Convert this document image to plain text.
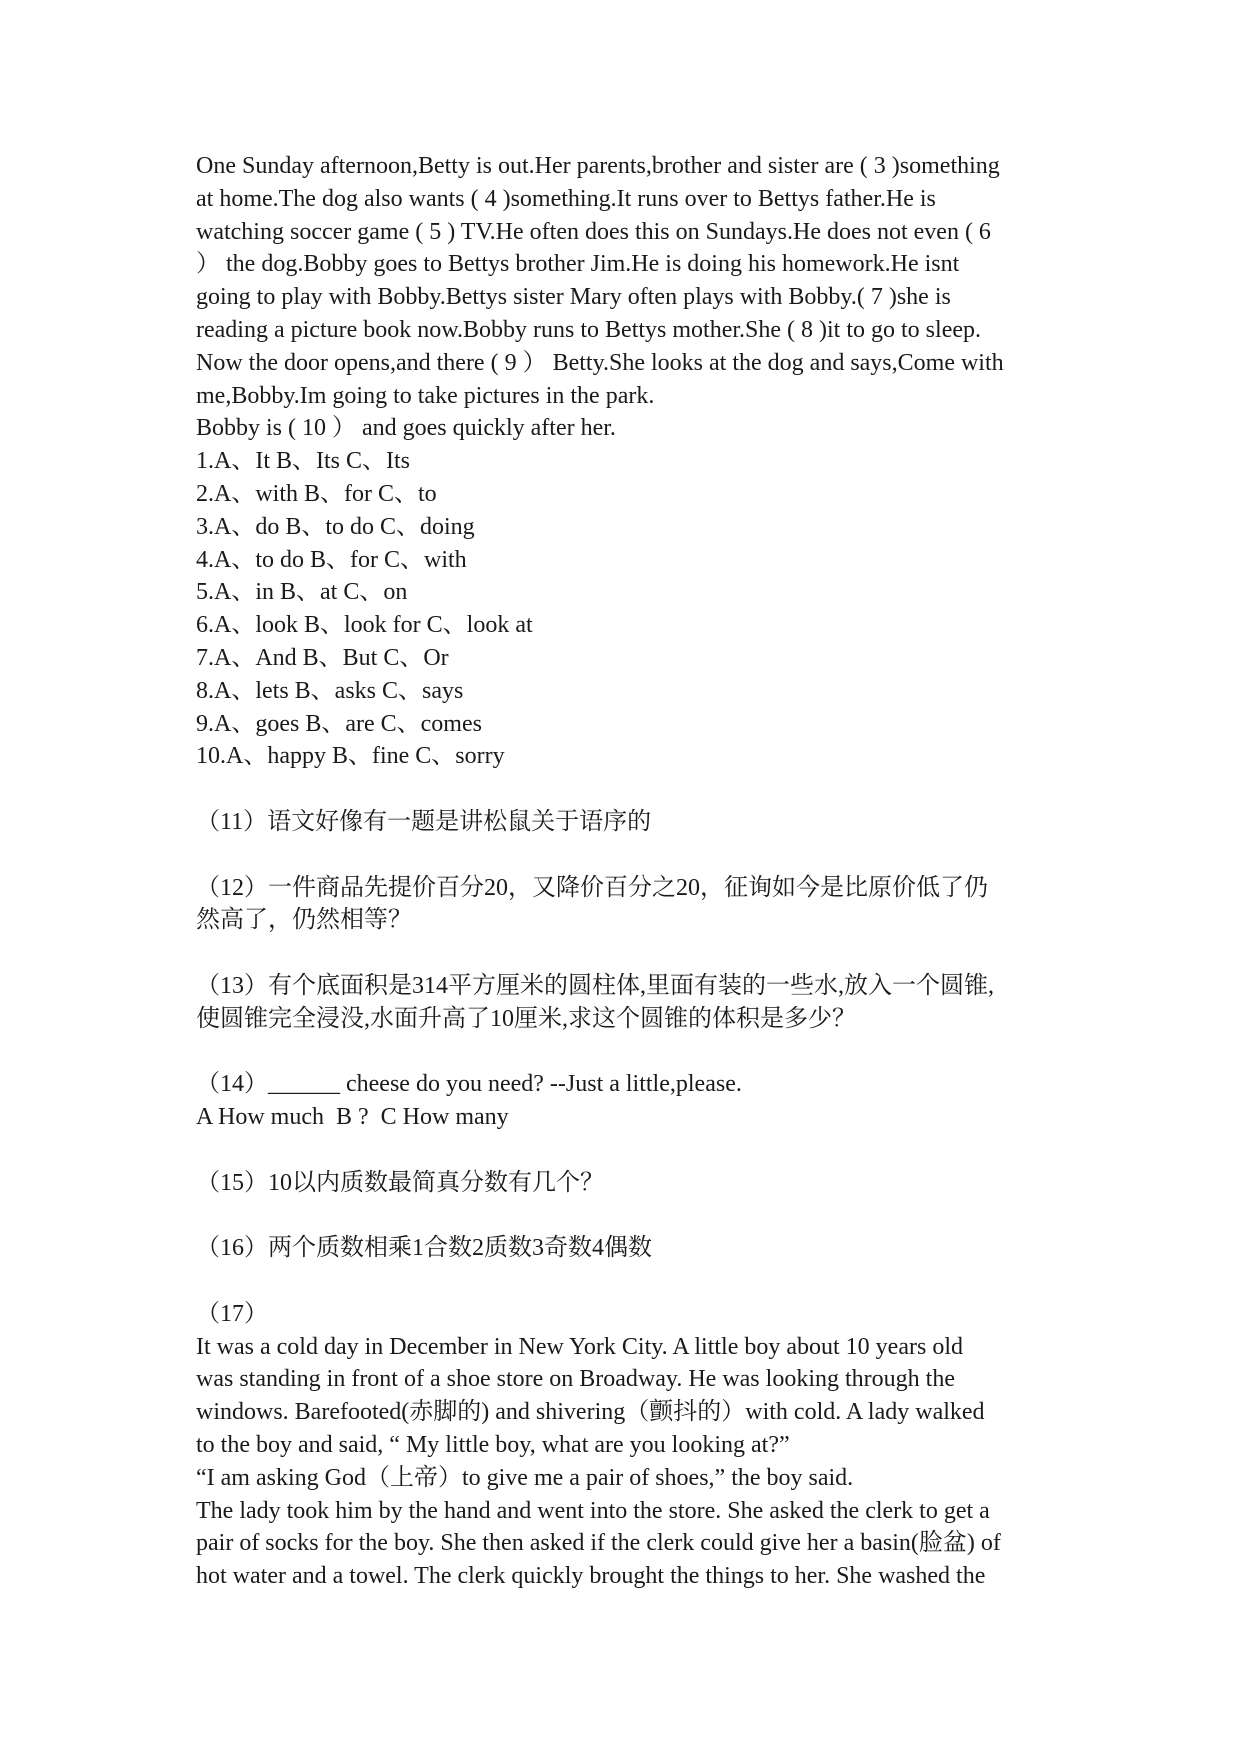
One Sunday afternoon,Betty is out.Her parents,brother and sister are ( 3 )something
at home.The dog also wants ( 4 )something.It runs over to Bettys father.He is
watching soccer game ( 5 ) TV.He often does this on Sundays.He does not even ( 6
） the dog.Bobby goes to Bettys brother Jim.He is doing his homework.He isnt
going to play with Bobby.Bettys sister Mary often plays with Bobby.( 7 )she is
reading a picture book now.Bobby runs to Bettys mother.She ( 8 )it to go to sleep.
Now the door opens,and there ( 9 ） Betty.She looks at the dog and says,Come with
me,Bobby.Im going to take pictures in the park.
Bobby is ( 10 ） and goes quickly after her.
1.A、It B、Its C、Its
2.A、with B、for C、to
3.A、do B、to do C、doing
4.A、to do B、for C、with
5.A、in B、at C、on
6.A、look B、look for C、look at
7.A、And B、But C、Or
8.A、lets B、asks C、says
9.A、goes B、are C、comes
10.A、happy B、fine C、sorry
（11）语文好像有一题是讲松鼠关于语序的
（12）一件商品先提价百分20，又降价百分之20，征询如今是比原价低了仍
然高了，仍然相等？
（13）有个底面积是314平方厘米的圆柱体,里面有装的一些水,放入一个圆锥,
使圆锥完全浸没,水面升高了10厘米,求这个圆锥的体积是多少？
（14）______ cheese do you need? --Just a little,please.
A How much  B ?  C How many
（15）10以内质数最简真分数有几个？
（16）两个质数相乘1合数2质数3奇数4偶数
（17）
It was a cold day in December in New York City. A little boy about 10 years old
was standing in front of a shoe store on Broadway. He was looking through the
windows. Barefooted(赤脚的) and shivering（颤抖的）with cold. A lady walked
to the boy and said, “ My little boy, what are you looking at?”
“I am asking God（上帝）to give me a pair of shoes,” the boy said.
The lady took him by the hand and went into the store. She asked the clerk to get a
pair of socks for the boy. She then asked if the clerk could give her a basin(脸盆) of
hot water and a towel. The clerk quickly brought the things to her. She washed the
